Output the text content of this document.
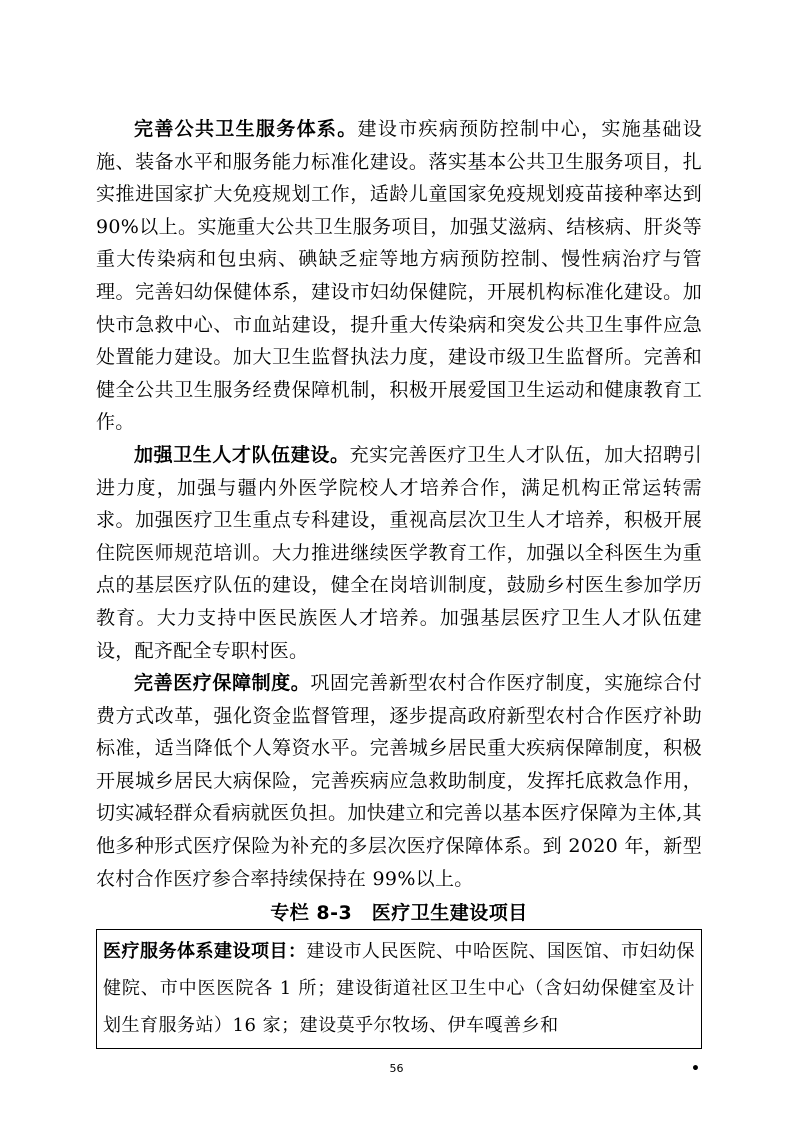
完善公共卫生服务体系。建设市疾病预防控制中心，实施基础设施、装备水平和服务能力标准化建设。落实基本公共卫生服务项目，扎实推进国家扩大免疫规划工作，适龄儿童国家免疫规划疫苗接种率达到 90%以上。实施重大公共卫生服务项目，加强艾滋病、结核病、肝炎等重大传染病和包虫病、碘缺乏症等地方病预防控制、慢性病治疗与管理。完善妇幼保健体系，建设市妇幼保健院，开展机构标准化建设。加快市急救中心、市血站建设，提升重大传染病和突发公共卫生事件应急处置能力建设。加大卫生监督执法力度，建设市级卫生监督所。完善和健全公共卫生服务经费保障机制，积极开展爱国卫生运动和健康教育工作。

加强卫生人才队伍建设。充实完善医疗卫生人才队伍，加大招聘引进力度，加强与疆内外医学院校人才培养合作，满足机构正常运转需求。加强医疗卫生重点专科建设，重视高层次卫生人才培养，积极开展住院医师规范培训。大力推进继续医学教育工作，加强以全科医生为重点的基层医疗队伍的建设，健全在岗培训制度，鼓励乡村医生参加学历教育。大力支持中医民族医人才培养。加强基层医疗卫生人才队伍建设，配齐配全专职村医。

完善医疗保障制度。巩固完善新型农村合作医疗制度，实施综合付费方式改革，强化资金监督管理，逐步提高政府新型农村合作医疗补助标准，适当降低个人筹资水平。完善城乡居民重大疾病保障制度，积极开展城乡居民大病保险，完善疾病应急救助制度，发挥托底救急作用，切实减轻群众看病就医负担。加快建立和完善以基本医疗保障为主体,其他多种形式医疗保险为补充的多层次医疗保障体系。到 2020 年，新型农村合作医疗参合率持续保持在 99%以上。

专栏 8-3　医疗卫生建设项目
医疗服务体系建设项目：建设市人民医院、中哈医院、国医馆、市妇幼保健院、市中医医院各 1 所；建设街道社区卫生中心（含妇幼保健室及计划生育服务站）16 家；建设莫乎尔牧场、伊车嘎善乡和
56	•
